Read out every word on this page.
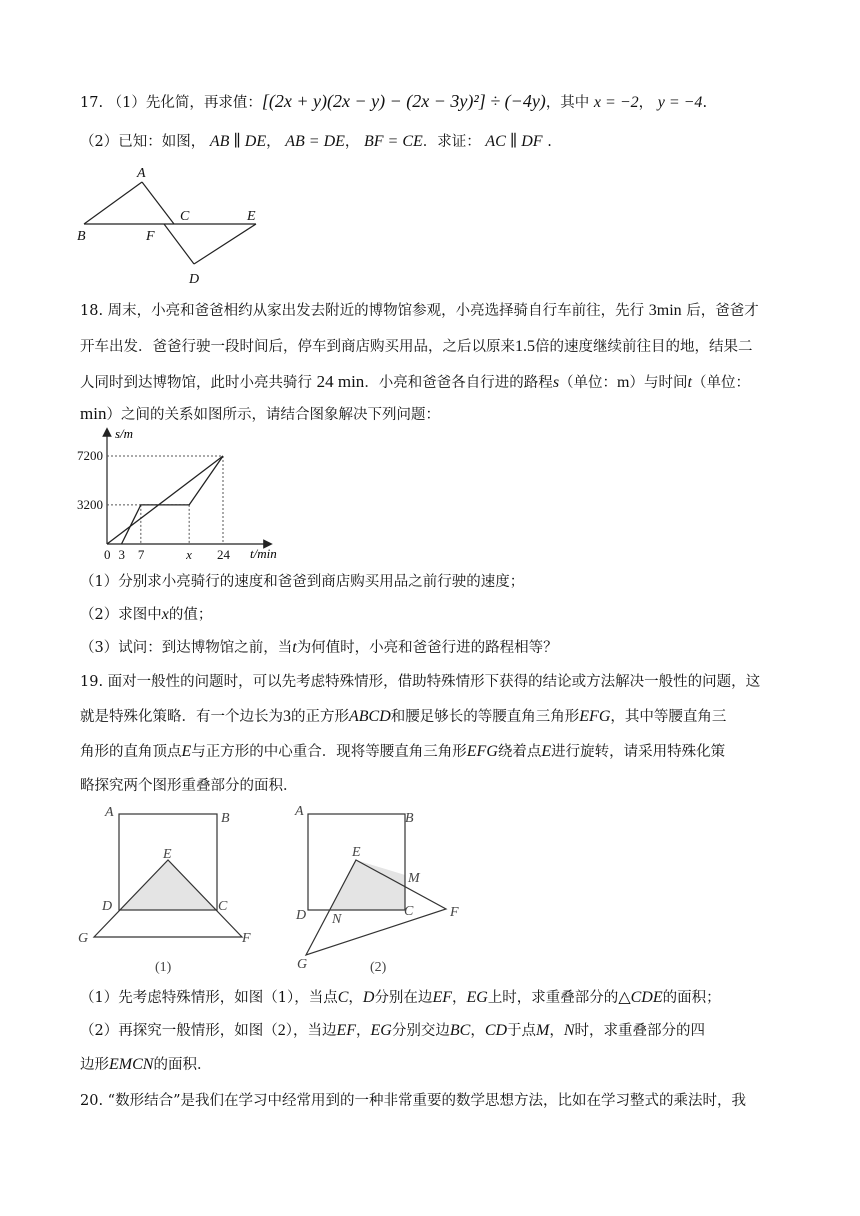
17. （1）先化简，再求值：[(2x + y)(2x − y) − (2x − 3y)²] ÷ (−4y)，其中 x = −2， y = −4.
（2）已知：如图， AB ∥ DE， AB = DE， BF = CE．求证： AC ∥ DF .
A
B
C
D
E
F
18. 周末，小亮和爸爸相约从家出发去附近的博物馆参观，小亮选择骑自行车前往，先行 3min 后，爸爸才
开车出发．爸爸行驶一段时间后，停车到商店购买用品，之后以原来1.5倍的速度继续前往目的地，结果二
人同时到达博物馆，此时小亮共骑行 24 min．小亮和爸爸各自行进的路程s（单位：m）与时间t（单位：
min）之间的关系如图所示，请结合图象解决下列问题：
7200
3200
0 3 7	x 24
s/m
t/min
（1）分别求小亮骑行的速度和爸爸到商店购买用品之前行驶的速度；
（2）求图中x的值；
（3）试问：到达博物馆之前，当t为何值时，小亮和爸爸行进的路程相等？
19. 面对一般性的问题时，可以先考虑特殊情形，借助特殊情形下获得的结论或方法解决一般性的问题，这
就是特殊化策略．有一个边长为3的正方形ABCD和腰足够长的等腰直角三角形EFG，其中等腰直角三
角形的直角顶点E与正方形的中心重合．现将等腰直角三角形EFG绕着点E进行旋转，请采用特殊化策
略探究两个图形重叠部分的面积．
A	B
E
D	C
G	F
(1)
A	B
E
M
D	C
N	F
G	(2)
（1）先考虑特殊情形，如图（1），当点C，D分别在边EF，EG上时，求重叠部分的△CDE的面积；
（2）再探究一般情形，如图（2），当边EF，EG分别交边BC，CD于点M，N时，求重叠部分的四
边形EMCN的面积．
20. “数形结合”是我们在学习中经常用到的一种非常重要的数学思想方法，比如在学习整式的乘法时，我
